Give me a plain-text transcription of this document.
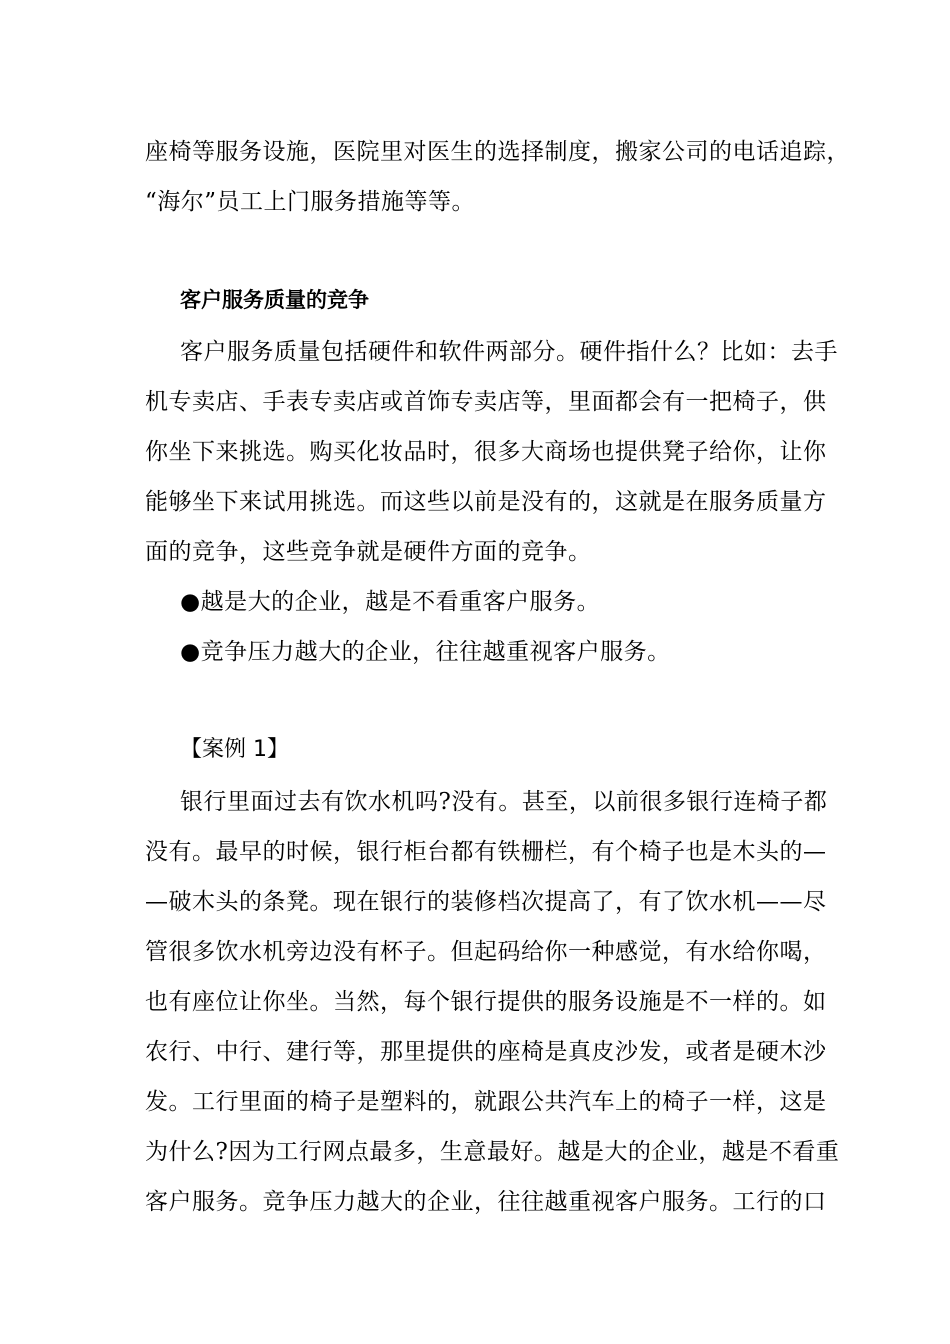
座椅等服务设施，医院里对医生的选择制度，搬家公司的电话追踪，
“海尔”员工上门服务措施等等。
客户服务质量的竞争
客户服务质量包括硬件和软件两部分。硬件指什么？比如：去手
机专卖店、手表专卖店或首饰专卖店等，里面都会有一把椅子，供
你坐下来挑选。购买化妆品时，很多大商场也提供凳子给你，让你
能够坐下来试用挑选。而这些以前是没有的，这就是在服务质量方
面的竞争，这些竞争就是硬件方面的竞争。
●越是大的企业，越是不看重客户服务。
●竞争压力越大的企业，往往越重视客户服务。
【案例 1】
银行里面过去有饮水机吗?没有。甚至，以前很多银行连椅子都
没有。最早的时候，银行柜台都有铁栅栏，有个椅子也是木头的—
—破木头的条凳。现在银行的装修档次提高了，有了饮水机——尽
管很多饮水机旁边没有杯子。但起码给你一种感觉，有水给你喝，
也有座位让你坐。当然，每个银行提供的服务设施是不一样的。如
农行、中行、建行等，那里提供的座椅是真皮沙发，或者是硬木沙
发。工行里面的椅子是塑料的，就跟公共汽车上的椅子一样，这是
为什么?因为工行网点最多，生意最好。越是大的企业，越是不看重
客户服务。竞争压力越大的企业，往往越重视客户服务。工行的口
